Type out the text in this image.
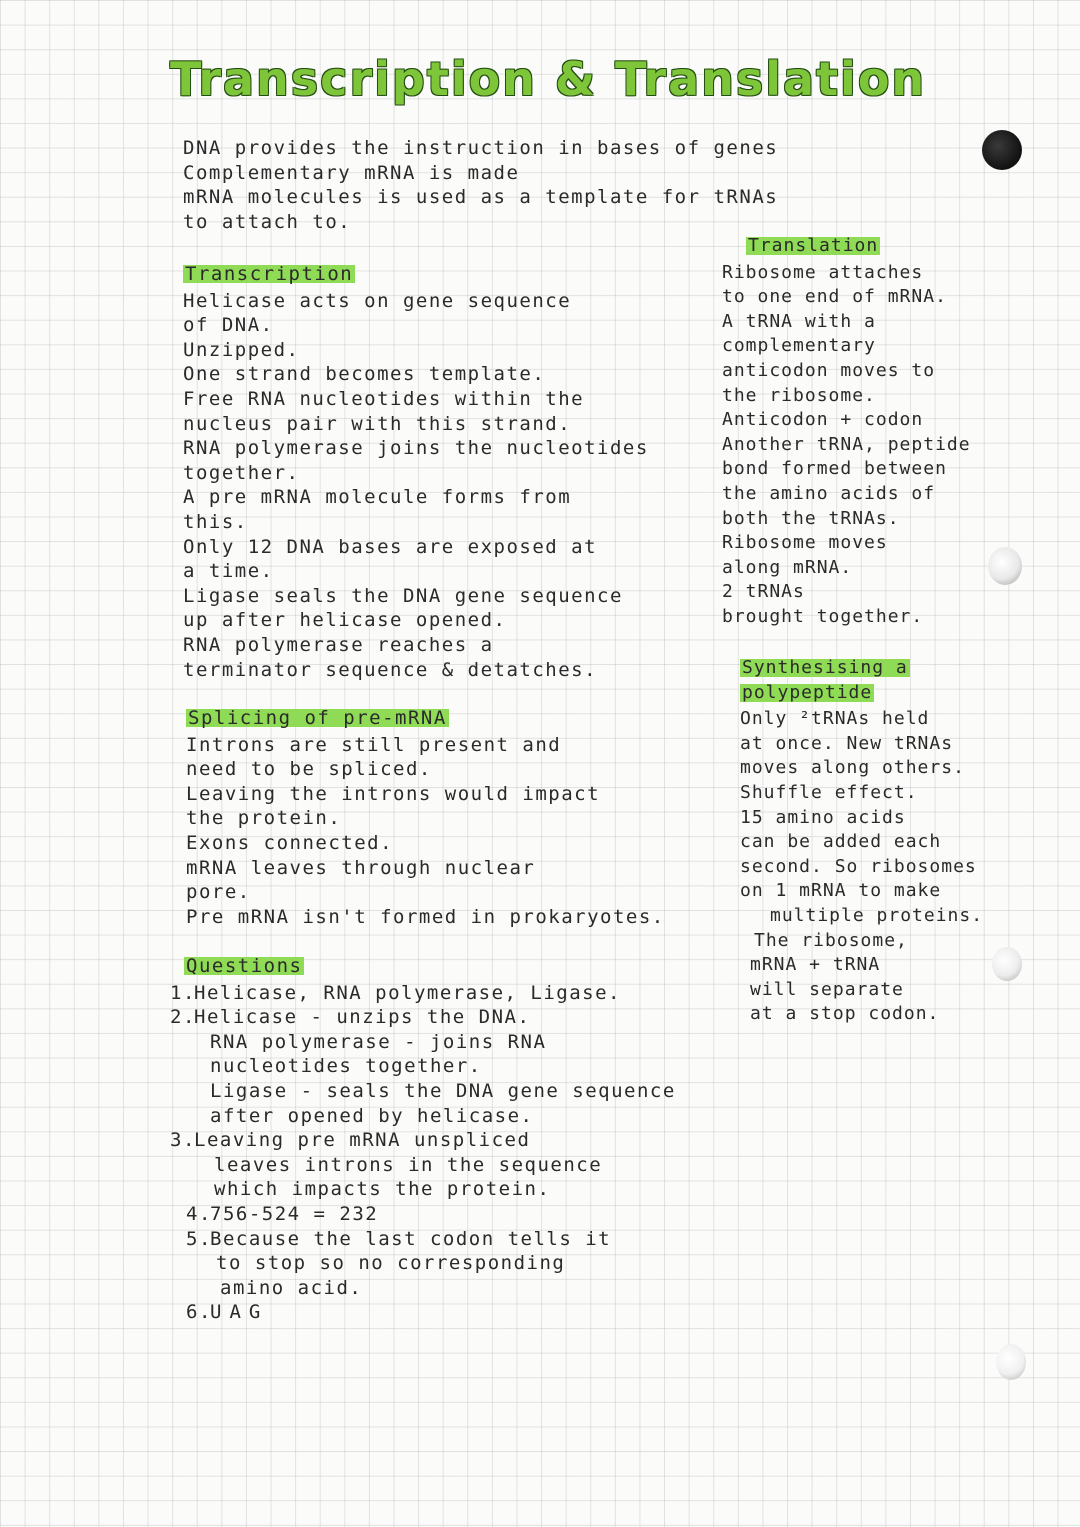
Transcription & Translation
DNA provides the instruction in bases of genes
Complementary mRNA is made
mRNA molecules is used as a template for tRNAs
to attach to.
Transcription
Helicase acts on gene sequence
of DNA.
Unzipped.
One strand becomes template.
Free RNA nucleotides within the
nucleus pair with this strand.
RNA polymerase joins the nucleotides
together.
A pre mRNA molecule forms from
this.
Only 12 DNA bases are exposed at
a time.
Ligase seals the DNA gene sequence
up after helicase opened.
RNA polymerase reaches a
terminator sequence & detatches.
Splicing of pre-mRNA
Introns are still present and
need to be spliced.
Leaving the introns would impact
the protein.
Exons connected.
mRNA leaves through nuclear
pore.
Pre mRNA isn't formed in prokaryotes.
Translation
Ribosome attaches
to one end of mRNA.
A tRNA with a
complementary
anticodon moves to
the ribosome.
Anticodon + codon
Another tRNA, peptide
bond formed between
the amino acids of
both the tRNAs.
Ribosome moves
along mRNA.
2 tRNAs
brought together.
Synthesising a
polypeptide
Only ²tRNAs held
at once. New tRNAs
moves along others.
Shuffle effect.
15 amino acids
can be added each
second. So ribosomes
on 1 mRNA to make
multiple proteins.
The ribosome,
mRNA + tRNA
will separate
at a stop codon.
Questions
1.Helicase, RNA polymerase, Ligase.
2.Helicase - unzips the DNA.
RNA polymerase - joins RNA
nucleotides together.
Ligase - seals the DNA gene sequence
after opened by helicase.
3.Leaving pre mRNA unspliced
leaves introns in the sequence
which impacts the protein.
4.756-524 = 232
5.Because the last codon tells it
to stop so no corresponding
amino acid.
6.UAG
